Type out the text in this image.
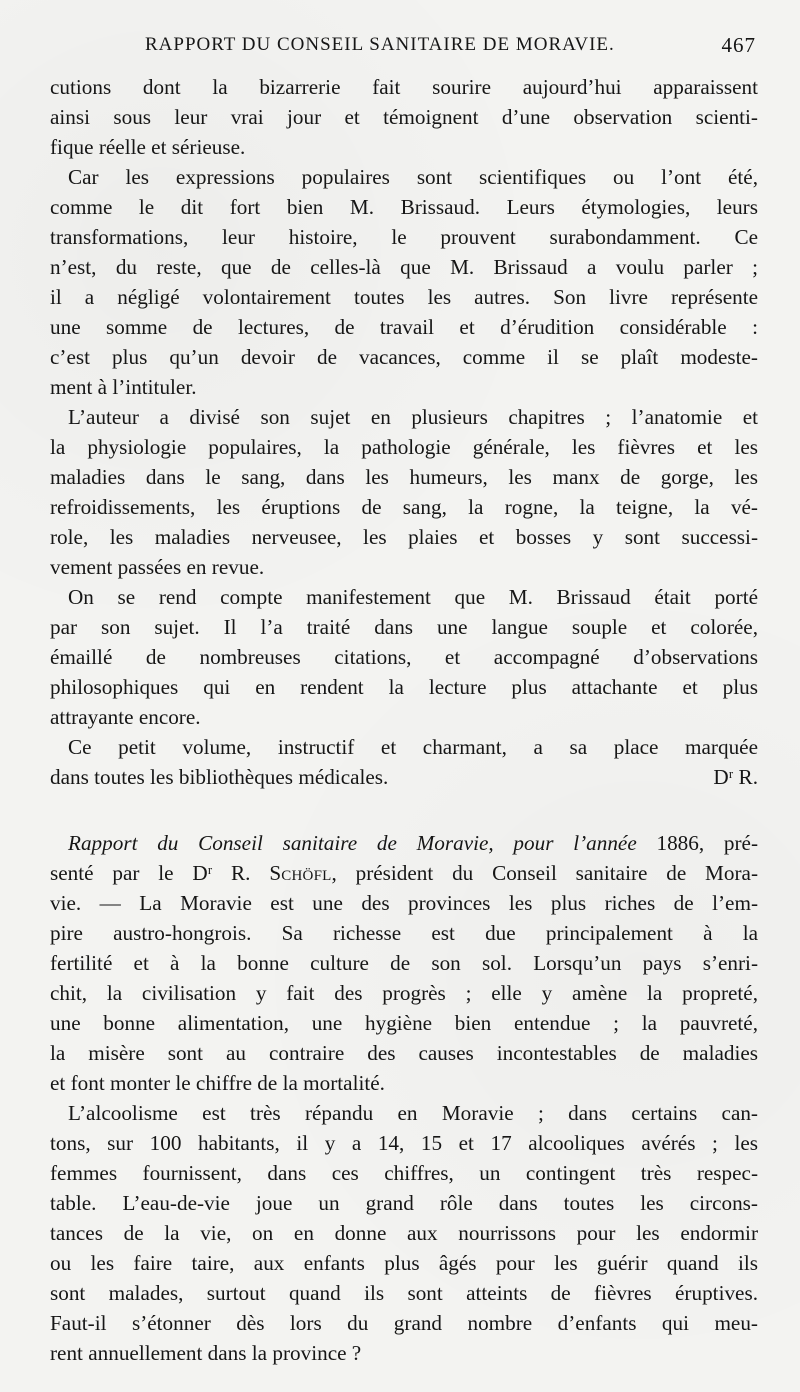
RAPPORT DU CONSEIL SANITAIRE DE MORAVIE.	467
cutions dont la bizarrerie fait sourire aujourd’hui apparaissent
ainsi sous leur vrai jour et témoignent d’une observation scienti-
fique réelle et sérieuse.
Car les expressions populaires sont scientifiques ou l’ont été,
comme le dit fort bien M. Brissaud. Leurs étymologies, leurs
transformations, leur histoire, le prouvent surabondamment. Ce
n’est, du reste, que de celles-là que M. Brissaud a voulu parler ;
il a négligé volontairement toutes les autres. Son livre représente
une somme de lectures, de travail et d’érudition considérable :
c’est plus qu’un devoir de vacances, comme il se plaît modeste-
ment à l’intituler.
L’auteur a divisé son sujet en plusieurs chapitres ; l’anatomie et
la physiologie populaires, la pathologie générale, les fièvres et les
maladies dans le sang, dans les humeurs, les manx de gorge, les
refroidissements, les éruptions de sang, la rogne, la teigne, la vé-
role, les maladies nerveusee, les plaies et bosses y sont successi-
vement passées en revue.
On se rend compte manifestement que M. Brissaud était porté
par son sujet. Il l’a traité dans une langue souple et colorée,
émaillé de nombreuses citations, et accompagné d’observations
philosophiques qui en rendent la lecture plus attachante et plus
attrayante encore.
Ce petit volume, instructif et charmant, a sa place marquée
dans toutes les bibliothèques médicales.	Dʳ R.
Rapport du Conseil sanitaire de Moravie, pour l’année 1886, pré-
senté par le Dʳ R. Schöfl, président du Conseil sanitaire de Mora-
vie. — La Moravie est une des provinces les plus riches de l’em-
pire austro-hongrois. Sa richesse est due principalement à la
fertilité et à la bonne culture de son sol. Lorsqu’un pays s’enri-
chit, la civilisation y fait des progrès ; elle y amène la propreté,
une bonne alimentation, une hygiène bien entendue ; la pauvreté,
la misère sont au contraire des causes incontestables de maladies
et font monter le chiffre de la mortalité.
L’alcoolisme est très répandu en Moravie ; dans certains can-
tons, sur 100 habitants, il y a 14, 15 et 17 alcooliques avérés ; les
femmes fournissent, dans ces chiffres, un contingent très respec-
table. L’eau-de-vie joue un grand rôle dans toutes les circons-
tances de la vie, on en donne aux nourrissons pour les endormir
ou les faire taire, aux enfants plus âgés pour les guérir quand ils
sont malades, surtout quand ils sont atteints de fièvres éruptives.
Faut-il s’étonner dès lors du grand nombre d’enfants qui meu-
rent annuellement dans la province ?
